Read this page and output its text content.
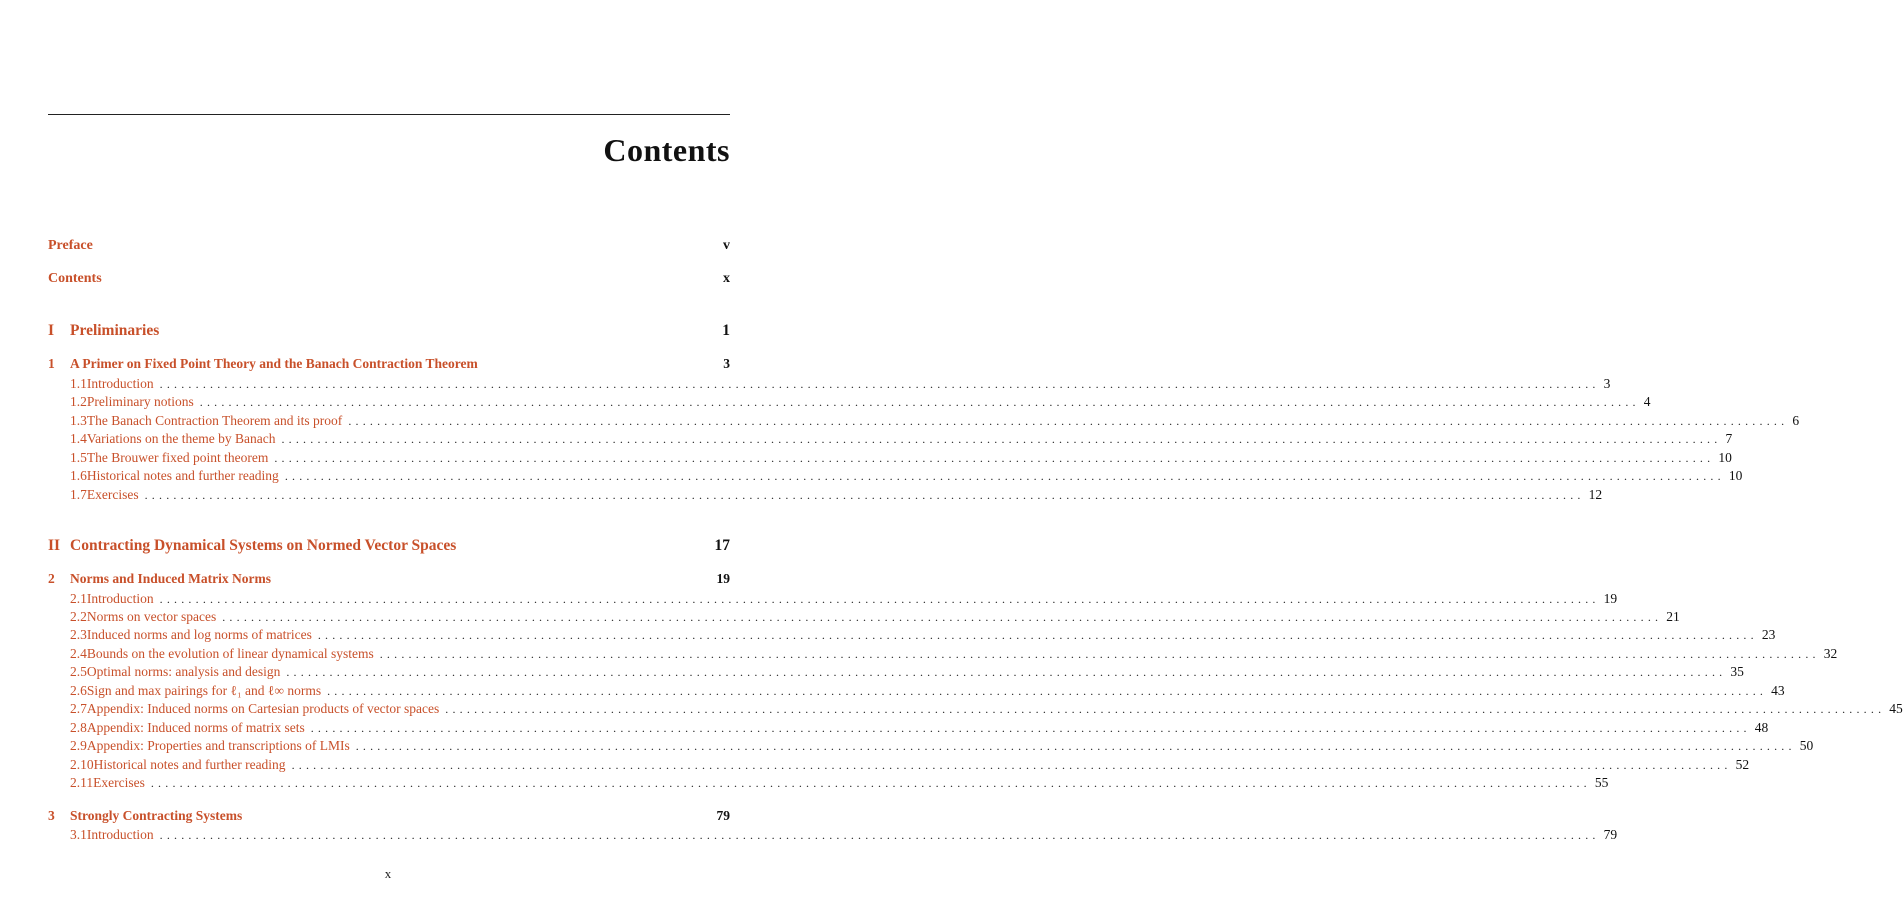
Contents
Preface	v
Contents	x
I	Preliminaries	1
1	A Primer on Fixed Point Theory and the Banach Contraction Theorem	3
1.1 Introduction ........................................................................................................................................................................................................ 3
1.2 Preliminary notions ........................................................................................................................................................................................................ 4
1.3 The Banach Contraction Theorem and its proof ........................................................................................................................................................................................................ 6
1.4 Variations on the theme by Banach ........................................................................................................................................................................................................ 7
1.5 The Brouwer fixed point theorem ........................................................................................................................................................................................................ 10
1.6 Historical notes and further reading ........................................................................................................................................................................................................ 10
1.7 Exercises ........................................................................................................................................................................................................ 12
II Contracting Dynamical Systems on Normed Vector Spaces	17
2	Norms and Induced Matrix Norms	19
2.1 Introduction ........................................................................................................................................................................................................ 19
2.2 Norms on vector spaces ........................................................................................................................................................................................................ 21
2.3 Induced norms and log norms of matrices ........................................................................................................................................................................................................ 23
2.4 Bounds on the evolution of linear dynamical systems ........................................................................................................................................................................................................ 32
2.5 Optimal norms: analysis and design ........................................................................................................................................................................................................ 35
2.6 Sign and max pairings for ℓ₁ and ℓ∞ norms ........................................................................................................................................................................................................ 43
2.7 Appendix: Induced norms on Cartesian products of vector spaces ........................................................................................................................................................................................................ 45
2.8 Appendix: Induced norms of matrix sets ........................................................................................................................................................................................................ 48
2.9 Appendix: Properties and transcriptions of LMIs ........................................................................................................................................................................................................ 50
2.10 Historical notes and further reading ........................................................................................................................................................................................................ 52
2.11 Exercises ........................................................................................................................................................................................................ 55
3	Strongly Contracting Systems	79
3.1 Introduction ........................................................................................................................................................................................................ 79
x
